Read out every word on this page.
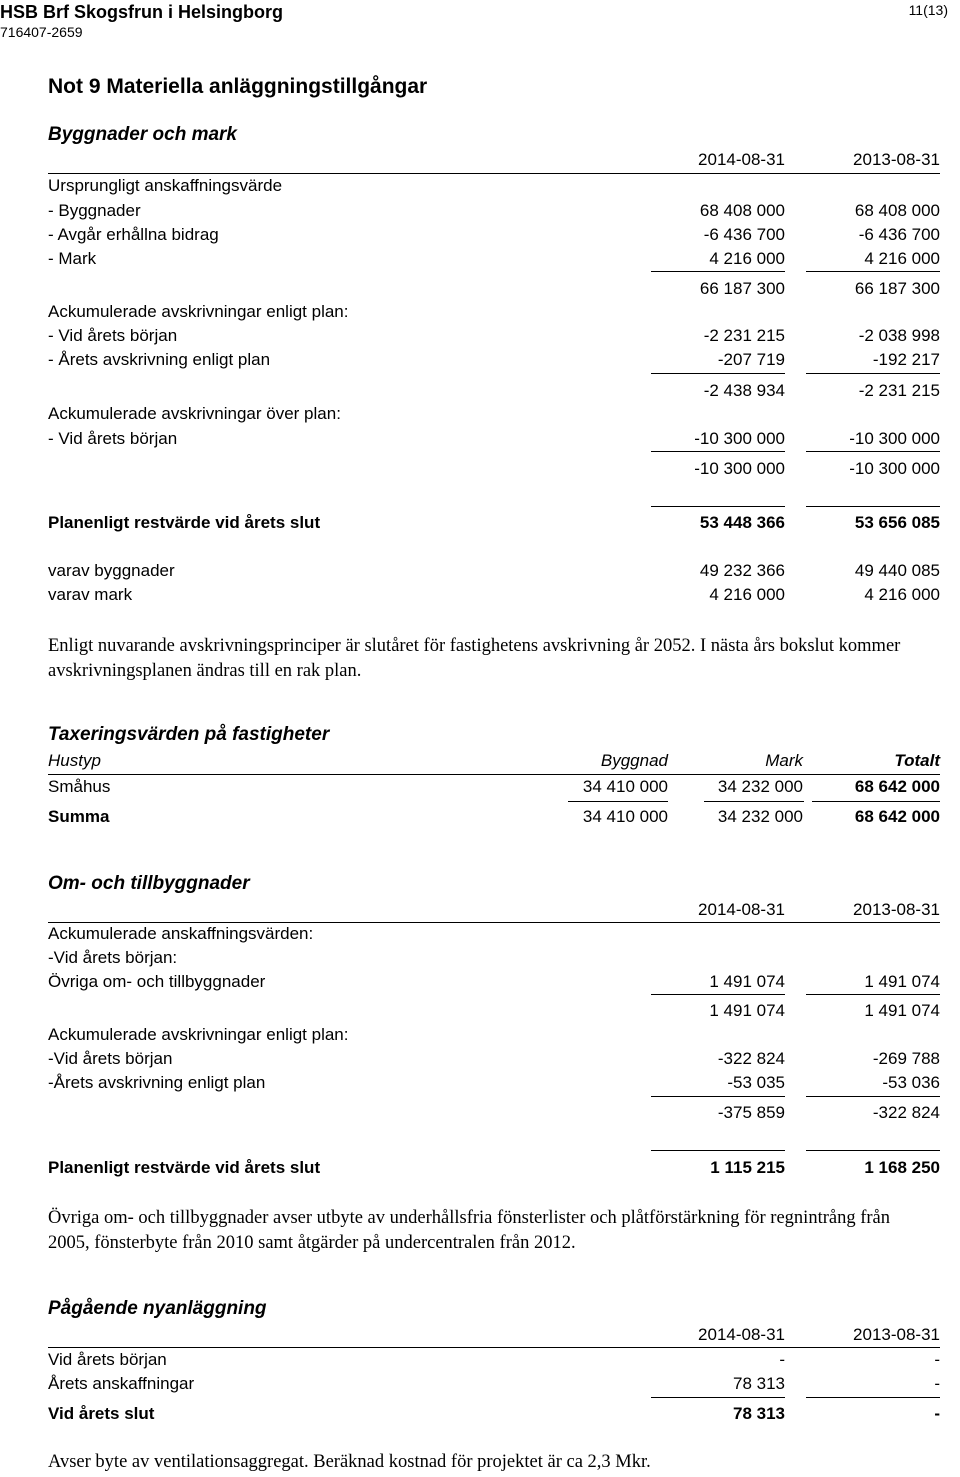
HSB Brf Skogsfrun i Helsingborg
716407-2659
11(13)
Not 9 Materiella anläggningstillgångar
Byggnader och mark
2014-08-31	2013-08-31
Ursprungligt anskaffningsvärde
- Byggnader	68 408 000	68 408 000
- Avgår erhållna bidrag	-6 436 700	-6 436 700
- Mark	4 216 000	4 216 000
66 187 300	66 187 300
Ackumulerade avskrivningar enligt plan:
- Vid årets början	-2 231 215	-2 038 998
- Årets avskrivning enligt plan	-207 719	-192 217
-2 438 934	-2 231 215
Ackumulerade avskrivningar över plan:
- Vid årets början	-10 300 000	-10 300 000
-10 300 000	-10 300 000
Planenligt restvärde vid årets slut	53 448 366	53 656 085
varav byggnader	49 232 366	49 440 085
varav mark	4 216 000	4 216 000
Enligt nuvarande avskrivningsprinciper är slutåret för fastighetens avskrivning år 2052. I nästa års bokslut kommer avskrivningsplanen ändras till en rak plan.
Taxeringsvärden på fastigheter
Hustyp	Byggnad	Mark	Totalt
Småhus	34 410 000	34 232 000	68 642 000
Summa	34 410 000	34 232 000	68 642 000
Om- och tillbyggnader
2014-08-31	2013-08-31
Ackumulerade anskaffningsvärden:
-Vid årets början:
Övriga om- och tillbyggnader	1 491 074	1 491 074
1 491 074	1 491 074
Ackumulerade avskrivningar enligt plan:
-Vid årets början	-322 824	-269 788
-Årets avskrivning enligt plan	-53 035	-53 036
-375 859	-322 824
Planenligt restvärde vid årets slut	1 115 215	1 168 250
Övriga om- och tillbyggnader avser utbyte av underhållsfria fönsterlister och plåtförstärkning för regnintrång från 2005, fönsterbyte från 2010 samt åtgärder på undercentralen från 2012.
Pågående nyanläggning
2014-08-31	2013-08-31
Vid årets början	-	-
Årets anskaffningar	78 313	-
Vid årets slut	78 313	-
Avser byte av ventilationsaggregat. Beräknad kostnad för projektet är ca 2,3 Mkr.
